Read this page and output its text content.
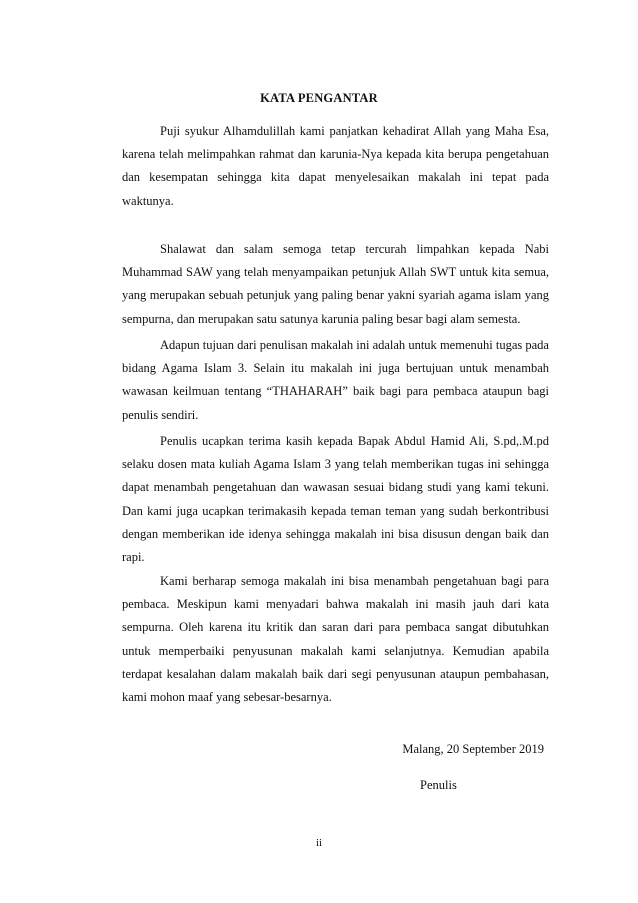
KATA PENGANTAR

Puji syukur Alhamdulillah kami panjatkan kehadirat Allah yang Maha Esa, karena telah melimpahkan rahmat dan karunia-Nya kepada kita berupa pengetahuan dan kesempatan sehingga kita dapat menyelesaikan makalah ini tepat pada waktunya.

Shalawat dan salam semoga tetap tercurah limpahkan kepada Nabi Muhammad SAW yang telah menyampaikan petunjuk Allah SWT untuk kita semua, yang merupakan sebuah petunjuk yang paling benar yakni syariah agama islam yang sempurna, dan merupakan satu satunya karunia paling besar bagi alam semesta.

Adapun tujuan dari penulisan makalah ini adalah untuk memenuhi tugas pada bidang Agama Islam 3. Selain itu makalah ini juga bertujuan untuk menambah wawasan keilmuan tentang “THAHARAH” baik bagi para pembaca ataupun bagi penulis sendiri.

Penulis ucapkan terima kasih kepada Bapak Abdul Hamid Ali, S.pd,.M.pd selaku dosen mata kuliah Agama Islam 3 yang telah memberikan tugas ini sehingga dapat menambah pengetahuan dan wawasan sesuai bidang studi yang kami tekuni. Dan kami juga ucapkan terimakasih kepada teman teman yang sudah berkontribusi dengan memberikan ide idenya sehingga makalah ini bisa disusun dengan baik dan rapi.

Kami berharap semoga makalah ini bisa menambah pengetahuan bagi para pembaca. Meskipun kami menyadari bahwa makalah ini masih jauh dari kata sempurna. Oleh karena itu kritik dan saran dari para pembaca sangat dibutuhkan untuk memperbaiki penyusunan makalah kami selanjutnya. Kemudian apabila terdapat kesalahan dalam makalah baik dari segi penyusunan ataupun pembahasan, kami mohon maaf yang sebesar-besarnya.

Malang, 20 September 2019
Penulis
ii
